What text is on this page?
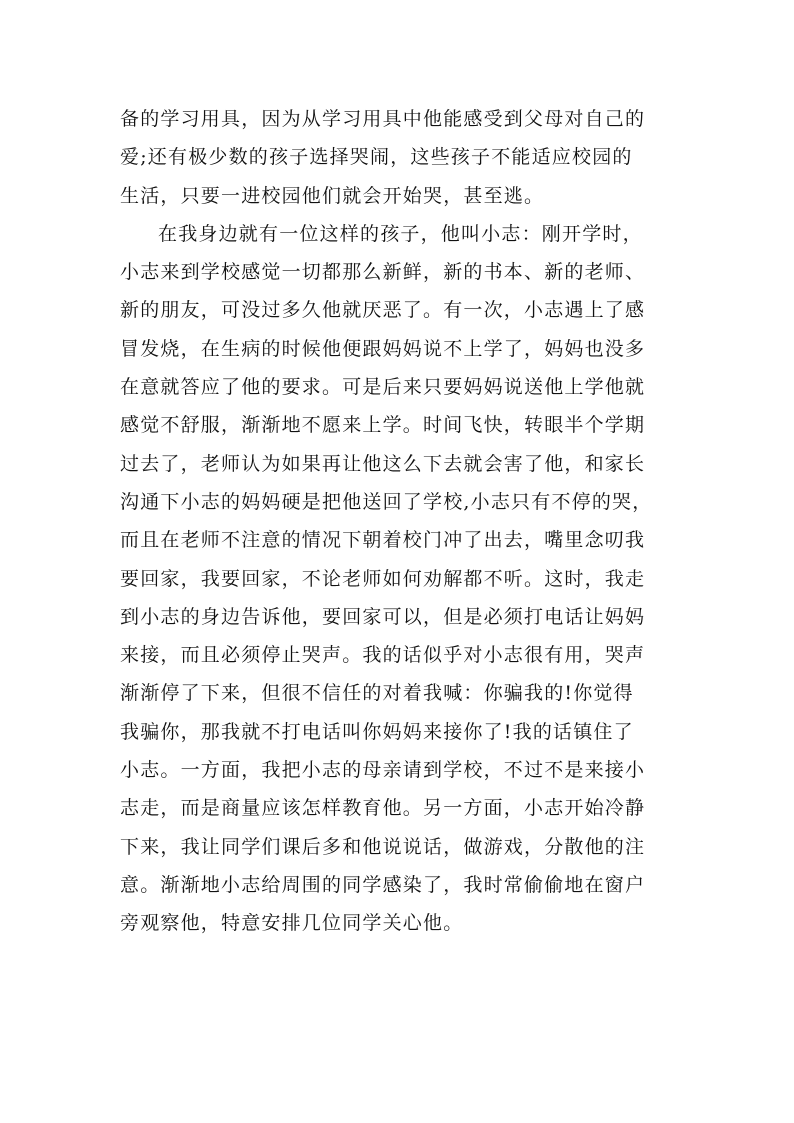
备的学习用具，因为从学习用具中他能感受到父母对自己的
爱;还有极少数的孩子选择哭闹，这些孩子不能适应校园的
生活，只要一进校园他们就会开始哭，甚至逃。
在我身边就有一位这样的孩子，他叫小志：刚开学时，
小志来到学校感觉一切都那么新鲜，新的书本、新的老师、
新的朋友，可没过多久他就厌恶了。有一次，小志遇上了感
冒发烧，在生病的时候他便跟妈妈说不上学了，妈妈也没多
在意就答应了他的要求。可是后来只要妈妈说送他上学他就
感觉不舒服，渐渐地不愿来上学。时间飞快，转眼半个学期
过去了，老师认为如果再让他这么下去就会害了他，和家长
沟通下小志的妈妈硬是把他送回了学校,小志只有不停的哭，
而且在老师不注意的情况下朝着校门冲了出去，嘴里念叨我
要回家，我要回家，不论老师如何劝解都不听。这时，我走
到小志的身边告诉他，要回家可以，但是必须打电话让妈妈
来接，而且必须停止哭声。我的话似乎对小志很有用，哭声
渐渐停了下来，但很不信任的对着我喊：你骗我的!你觉得
我骗你，那我就不打电话叫你妈妈来接你了!我的话镇住了
小志。一方面，我把小志的母亲请到学校，不过不是来接小
志走，而是商量应该怎样教育他。另一方面，小志开始冷静
下来，我让同学们课后多和他说说话，做游戏，分散他的注
意。渐渐地小志给周围的同学感染了，我时常偷偷地在窗户
旁观察他，特意安排几位同学关心他。
